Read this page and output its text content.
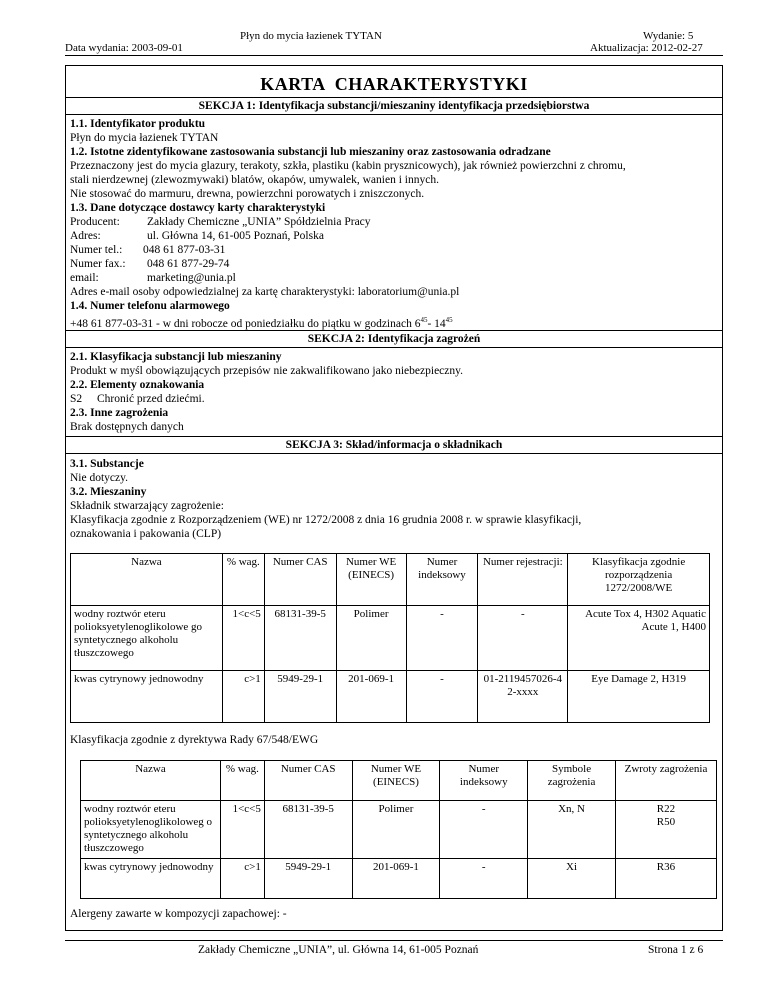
Płyn do mycia łazienek TYTAN
Data wydania: 2003-09-01
Wydanie: 5
Aktualizacja: 2012-02-27
KARTA  CHARAKTERYSTYKI
SEKCJA 1: Identyfikacja substancji/mieszaniny identyfikacja przedsiębiorstwa
1.1. Identyfikator produktu
Płyn do mycia łazienek TYTAN
1.2. Istotne zidentyfikowane zastosowania substancji lub mieszaniny oraz zastosowania odradzane
Przeznaczony jest do mycia glazury, terakoty, szkła, plastiku (kabin prysznicowych), jak również powierzchni z chromu,
stali nierdzewnej (zlewozmywaki) blatów, okapów, umywalek, wanien i innych.
Nie stosować do marmuru, drewna, powierzchni porowatych i zniszczonych.
1.3. Dane dotyczące dostawcy karty charakterystyki
Producent: Zakłady Chemiczne „UNIA” Spółdzielnia Pracy
Adres:	ul. Główna 14, 61-005 Poznań, Polska
Numer tel.: 048 61 877-03-31
Numer fax.: 048 61 877-29-74
email:	marketing@unia.pl
Adres e-mail osoby odpowiedzialnej za kartę charakterystyki: laboratorium@unia.pl
1.4. Numer telefonu alarmowego
+48 61 877-03-31 - w dni robocze od poniedziałku do piątku w godzinach $6^{45}-$ $14^{45}$
SEKCJA 2: Identyfikacja zagrożeń
2.1. Klasyfikacja substancji lub mieszaniny
Produkt w myśl obowiązujących przepisów nie zakwalifikowano jako niebezpieczny.
2.2. Elementy oznakowania
S2 Chronić przed dziećmi.
2.3. Inne zagrożenia
Brak dostępnych danych
SEKCJA 3: Skład/informacja o składnikach
3.1. Substancje
Nie dotyczy.
3.2. Mieszaniny
Składnik stwarzający zagrożenie:
Klasyfikacja zgodnie z Rozporządzeniem (WE) nr 1272/2008 z dnia 16 grudnia 2008 r. w sprawie klasyfikacji,
oznakowania i pakowania (CLP)
Nazwa	% wag.	Numer CAS	Numer WE (EINECS)	Numer indeksowy	Numer rejestracji:	Klasyfikacja zgodnie rozporządzenia 1272/2008/WE
wodny roztwór eteru polioksyetylenoglikolowe go syntetycznego alkoholu tłuszczowego	1<c<5	68131-39-5	Polimer	-	-	Acute Tox 4, H302 Aquatic Acute 1, H400
kwas cytrynowy jednowodny	c>1	5949-29-1	201-069-1	-	01-2119457026-42-xxxx	Eye Damage 2, H319
Klasyfikacja zgodnie z dyrektywa Rady 67/548/EWG
Nazwa	% wag.	Numer CAS	Numer WE (EINECS)	Numer indeksowy	Symbole zagrożenia	Zwroty zagrożenia
wodny roztwór eteru polioksyetylenoglikoloweg o syntetycznego alkoholu tłuszczowego	1<c<5	68131-39-5	Polimer	-	Xn, N	R22 R50
kwas cytrynowy jednowodny	c>1	5949-29-1	201-069-1	-	Xi	R36
Alergeny zawarte w kompozycji zapachowej: -
Zakłady Chemiczne „UNIA”, ul. Główna 14, 61-005 Poznań	Strona 1 z 6
